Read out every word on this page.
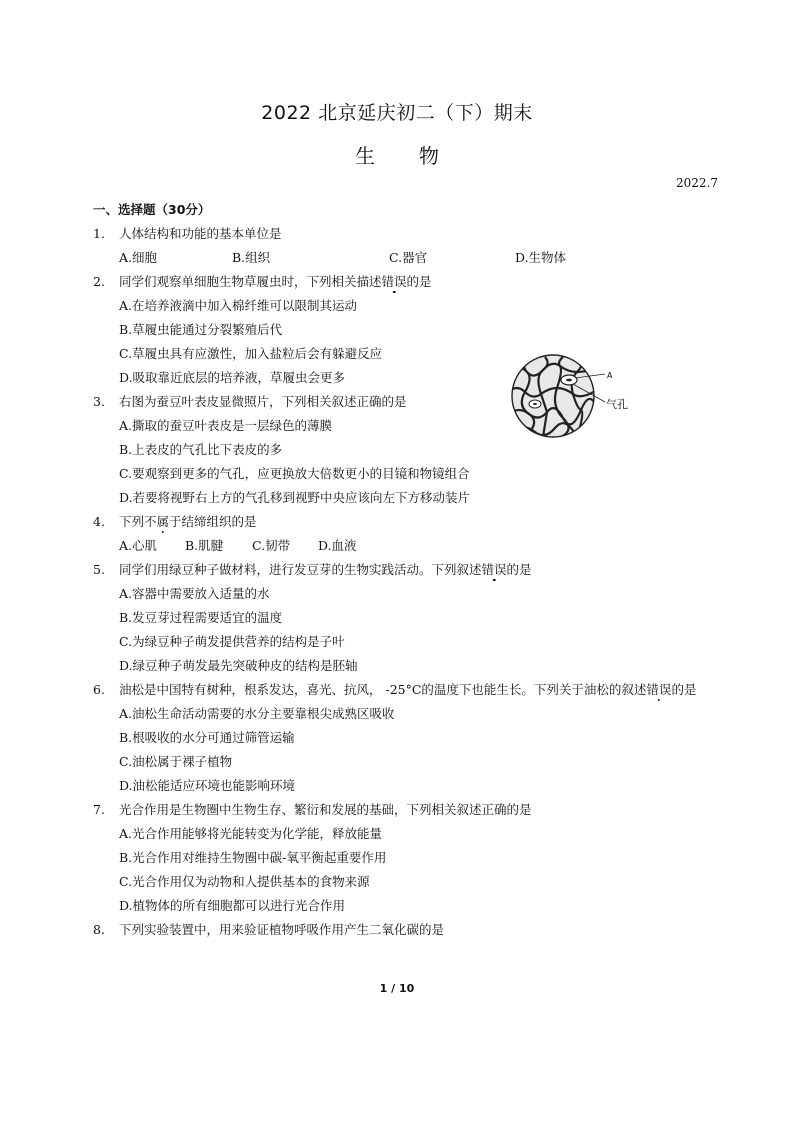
2022 北京延庆初二（下）期末
生物
2022.7
一、选择题（30分）
1. 人体结构和功能的基本单位是
A.细胞	B.组织	C.器官	D.生物体
2. 同学们观察单细胞生物草履虫时，下列相关描述错误的是
A.在培养液滴中加入棉纤维可以限制其运动
B.草履虫能通过分裂繁殖后代
C.草履虫具有应激性，加入盐粒后会有躲避反应
D.吸取靠近底层的培养液，草履虫会更多	A
气孔
3. 右图为蚕豆叶表皮显微照片，下列相关叙述正确的是
A.撕取的蚕豆叶表皮是一层绿色的薄膜
B.上表皮的气孔比下表皮的多
C.要观察到更多的气孔，应更换放大倍数更小的目镜和物镜组合
D.若要将视野右上方的气孔移到视野中央应该向左下方移动装片
4. 下列不属于结缔组织的是
A.心肌 B.肌腱 C.韧带 D.血液
5. 同学们用绿豆种子做材料，进行发豆芽的生物实践活动。下列叙述错误的是
A.容器中需要放入适量的水
B.发豆芽过程需要适宜的温度
C.为绿豆种子萌发提供营养的结构是子叶
D.绿豆种子萌发最先突破种皮的结构是胚轴
6. 油松是中国特有树种，根系发达，喜光、抗风， -25°C的温度下也能生长。下列关于油松的叙述错误的是
A.油松生命活动需要的水分主要靠根尖成熟区吸收
B.根吸收的水分可通过筛管运输
C.油松属于裸子植物
D.油松能适应环境也能影响环境
7. 光合作用是生物圈中生物生存、繁衍和发展的基础，下列相关叙述正确的是
A.光合作用能够将光能转变为化学能，释放能量
B.光合作用对维持生物圈中碳-氧平衡起重要作用
C.光合作用仅为动物和人提供基本的食物来源
D.植物体的所有细胞都可以进行光合作用
8. 下列实验装置中，用来验证植物呼吸作用产生二氧化碳的是
1 / 10
